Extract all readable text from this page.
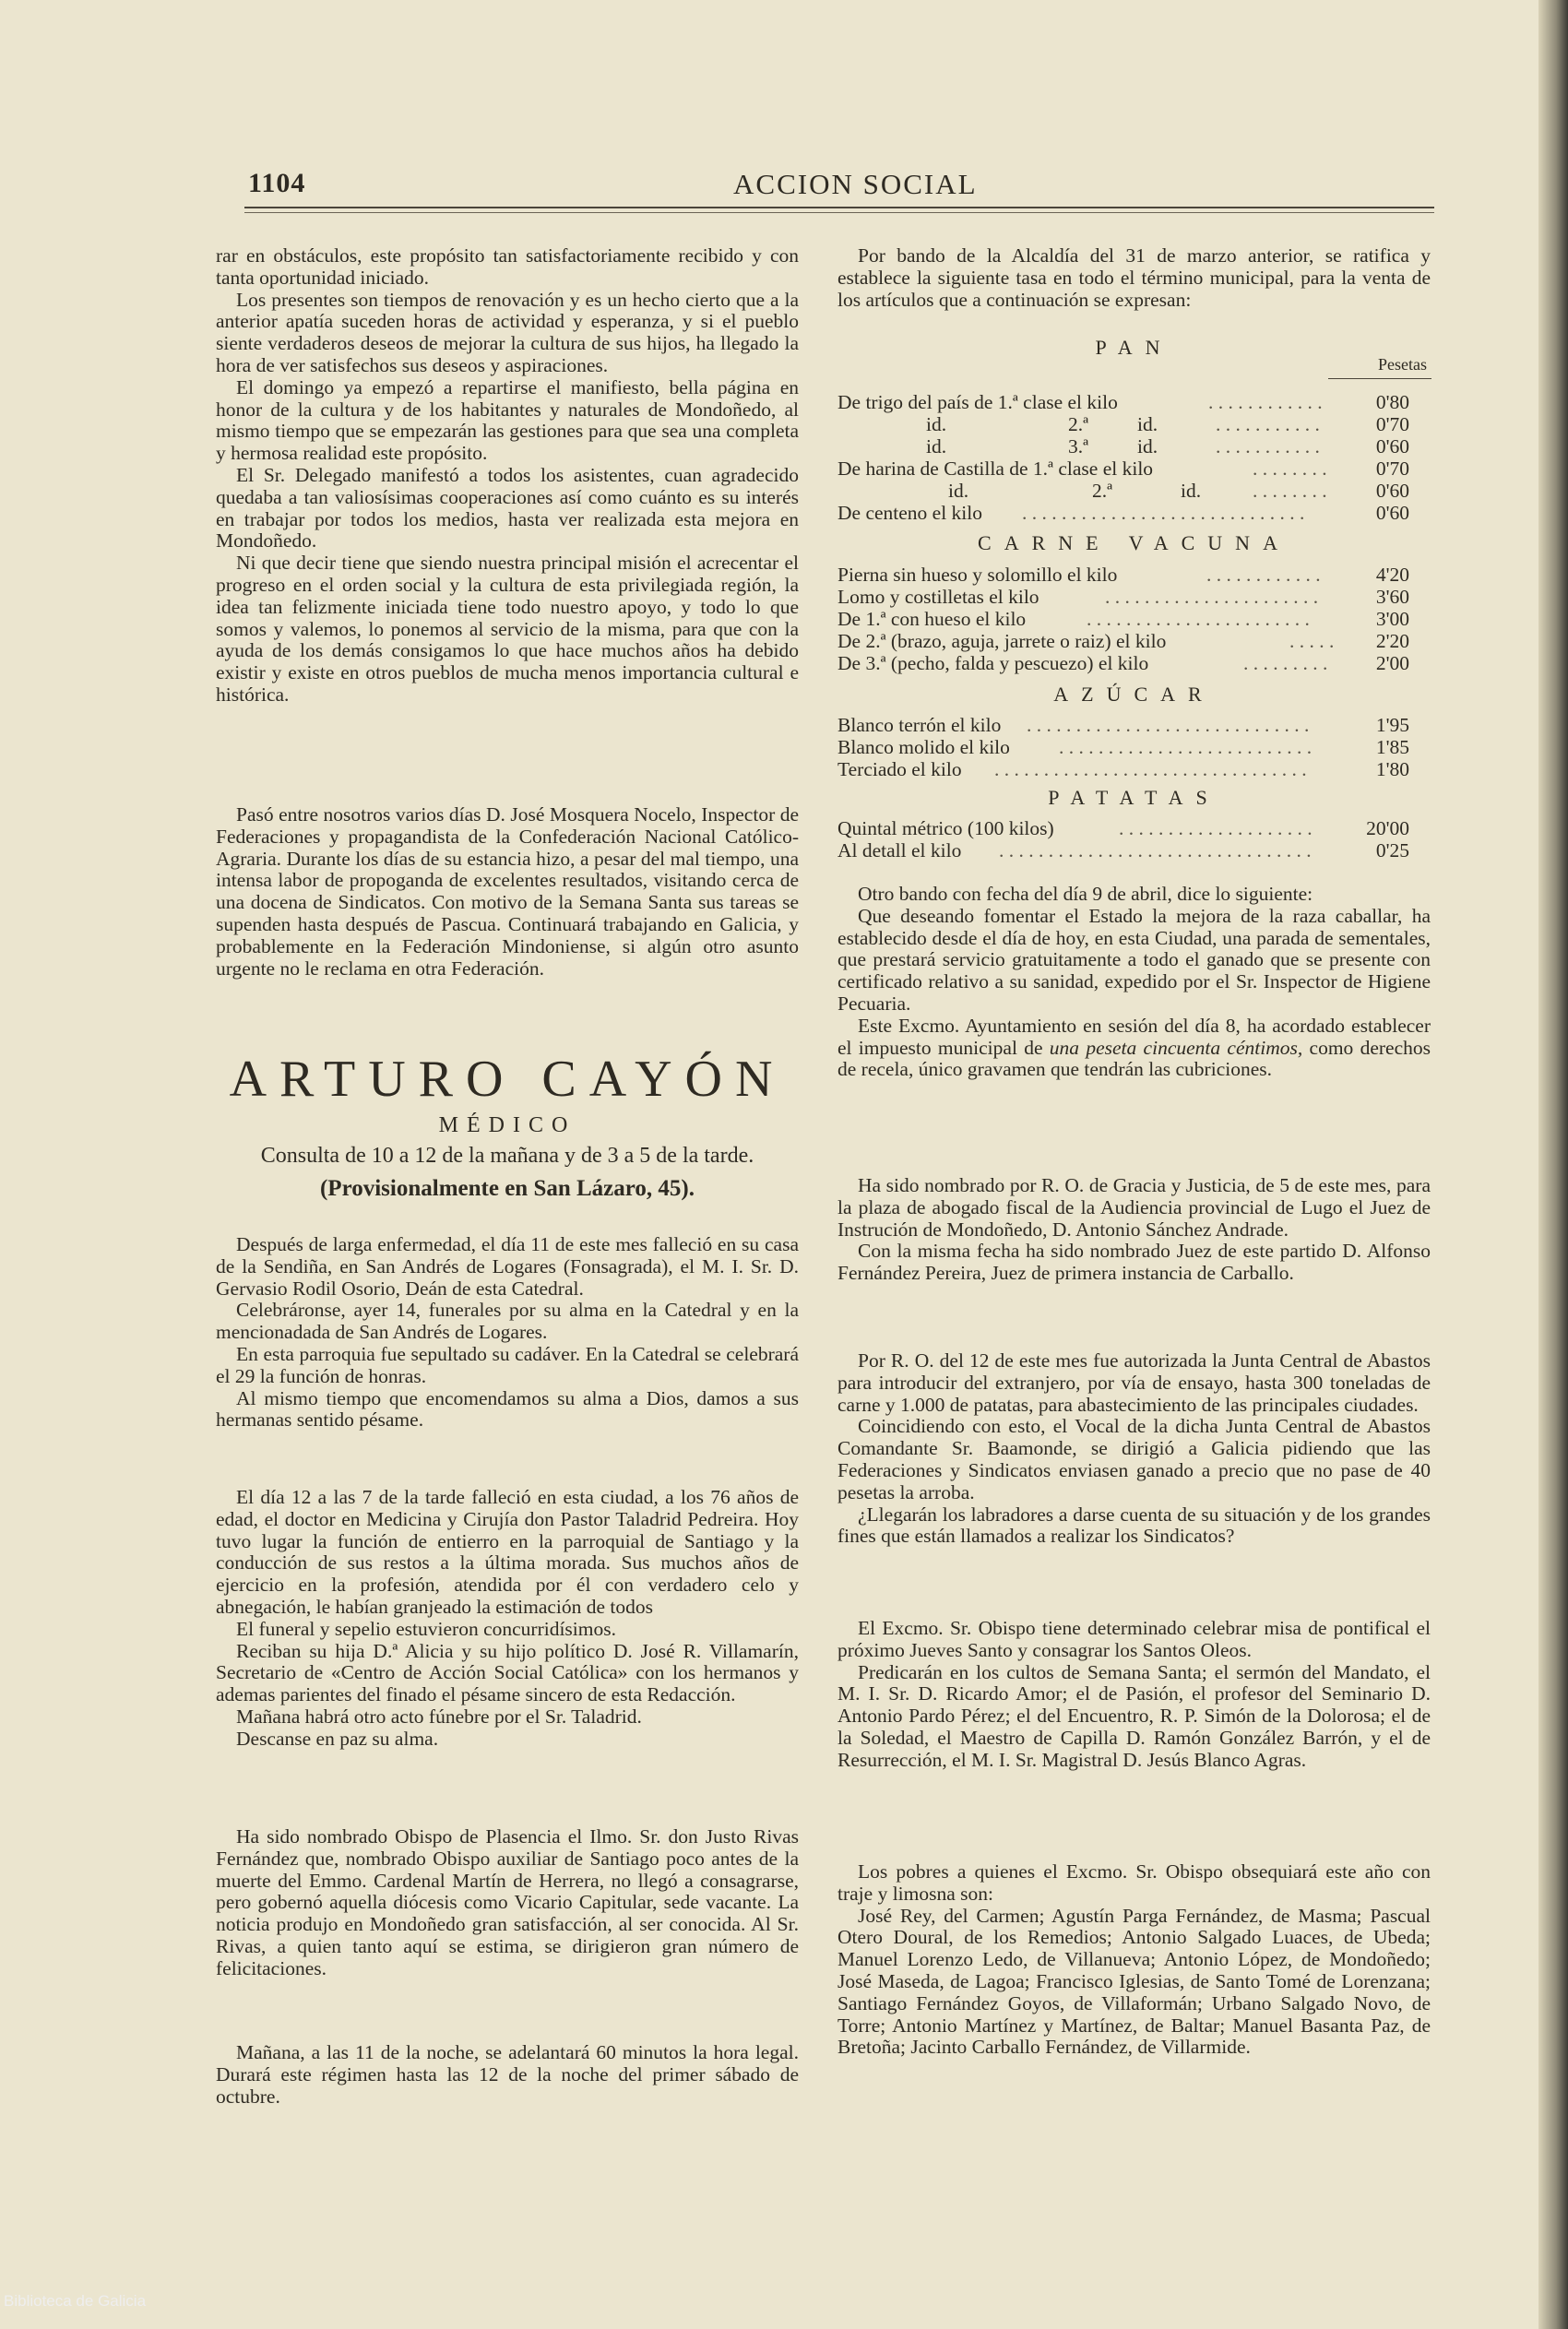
1104	ACCION SOCIAL

rar en obstáculos, este propósito tan satisfactoriamente recibido y con tanta oportunidad iniciado.

Los presentes son tiempos de renovación y es un hecho cierto que a la anterior apatía suceden horas de actividad y esperanza, y si el pueblo siente verdaderos deseos de mejorar la cultura de sus hijos, ha llegado la hora de ver satisfechos sus deseos y aspiraciones.

El domingo ya empezó a repartirse el manifiesto, bella página en honor de la cultura y de los habitantes y naturales de Mondoñedo, al mismo tiempo que se empezarán las gestiones para que sea una completa y hermosa realidad este propósito.

El Sr. Delegado manifestó a todos los asistentes, cuan agradecido quedaba a tan valiosísimas cooperaciones así como cuánto es su interés en trabajar por todos los medios, hasta ver realizada esta mejora en Mondoñedo.

Ni que decir tiene que siendo nuestra principal misión el acrecentar el progreso en el orden social y la cultura de esta privilegiada región, la idea tan felizmente iniciada tiene todo nuestro apoyo, y todo lo que somos y valemos, lo ponemos al servicio de la misma, para que con la ayuda de los demás consigamos lo que hace muchos años ha debido existir y existe en otros pueblos de mucha menos importancia cultural e histórica.

Pasó entre nosotros varios días D. José Mosquera Nocelo, Inspector de Federaciones y propagandista de la Confederación Nacional Católico-Agraria. Durante los días de su estancia hizo, a pesar del mal tiempo, una intensa labor de propoganda de excelentes resultados, visitando cerca de una docena de Sindicatos. Con motivo de la Semana Santa sus tareas se supenden hasta después de Pascua. Continuará trabajando en Galicia, y probablemente en la Federación Mindoniense, si algún otro asunto urgente no le reclama en otra Federación.

ARTURO CAYÓN
MÉDICO
Consulta de 10 a 12 de la mañana y de 3 a 5 de la tarde.
(Provisionalmente en San Lázaro, 45).

Después de larga enfermedad, el día 11 de este mes falleció en su casa de la Sendiña, en San Andrés de Logares (Fonsagrada), el M. I. Sr. D. Gervasio Rodil Osorio, Deán de esta Catedral.

Celebráronse, ayer 14, funerales por su alma en la Catedral y en la mencionadada de San Andrés de Logares.

En esta parroquia fue sepultado su cadáver. En la Catedral se celebrará el 29 la función de honras.

Al mismo tiempo que encomendamos su alma a Dios, damos a sus hermanas sentido pésame.

El día 12 a las 7 de la tarde falleció en esta ciudad, a los 76 años de edad, el doctor en Medicina y Cirujía don Pastor Taladrid Pedreira. Hoy tuvo lugar la función de entierro en la parroquial de Santiago y la conducción de sus restos a la última morada. Sus muchos años de ejercicio en la profesión, atendida por él con verdadero celo y abnegación, le habían granjeado la estimación de todos

El funeral y sepelio estuvieron concurridísimos.

Reciban su hija D.ª Alicia y su hijo político D. José R. Villamarín, Secretario de «Centro de Acción Social Católica» con los hermanos y ademas parientes del finado el pésame sincero de esta Redacción.

Mañana habrá otro acto fúnebre por el Sr. Taladrid.

Descanse en paz su alma.

Ha sido nombrado Obispo de Plasencia el Ilmo. Sr. don Justo Rivas Fernández que, nombrado Obispo auxiliar de Santiago poco antes de la muerte del Emmo. Cardenal Martín de Herrera, no llegó a consagrarse, pero gobernó aquella diócesis como Vicario Capitular, sede vacante. La noticia produjo en Mondoñedo gran satisfacción, al ser conocida. Al Sr. Rivas, a quien tanto aquí se estima, se dirigieron gran número de felicitaciones.

Mañana, a las 11 de la noche, se adelantará 60 minutos la hora legal. Durará este régimen hasta las 12 de la noche del primer sábado de octubre.

Por bando de la Alcaldía del 31 de marzo anterior, se ratifica y establece la siguiente tasa en todo el término municipal, para la venta de los artículos que a continuación se expresan:

PAN
Pesetas
De trigo del país de 1.ª clase el kilo	. . . . . . . . . . . .	0'80
id.	2.ª id.	. . . . . . . . . . .	0'70
id.	3.ª id.	. . . . . . . . . . .	0'60
De harina de Castilla de 1.ª clase el kilo	. . . . . . . .	0'70
id.	2.ª	id.	. . . . . . . .	0'60
De centeno el kilo . . . . . . . . . . . . . . . . . . . . . . . . . . . . .	0'60
CARNE VACUNA
Pierna sin hueso y solomillo el kilo	. . . . . . . . . . . .	4'20
Lomo y costilletas el kilo	. . . . . . . . . . . . . . . . . . . . . .	3'60
De 1.ª con hueso el kilo	. . . . . . . . . . . . . . . . . . . . . . .	3'00
De 2.ª (brazo, aguja, jarrete o raiz) el kilo	. . . . .	2'20
De 3.ª (pecho, falda y pescuezo) el kilo	. . . . . . . . .	2'00
AZÚCAR
Blanco terrón el kilo . . . . . . . . . . . . . . . . . . . . . . . . . . . . .	1'95
Blanco molido el kilo . . . . . . . . . . . . . . . . . . . . . . . . . .	1'85
Terciado el kilo . . . . . . . . . . . . . . . . . . . . . . . . . . . . . . . .	1'80
PATATAS
Quintal métrico (100 kilos)	. . . . . . . . . . . . . . . . . . . .	20'00
Al detall el kilo . . . . . . . . . . . . . . . . . . . . . . . . . . . . . . . .	0'25

Otro bando con fecha del día 9 de abril, dice lo siguiente:

Que deseando fomentar el Estado la mejora de la raza caballar, ha establecido desde el día de hoy, en esta Ciudad, una parada de sementales, que prestará servicio gratuitamente a todo el ganado que se presente con certificado relativo a su sanidad, expedido por el Sr. Inspector de Higiene Pecuaria.

Este Excmo. Ayuntamiento en sesión del día 8, ha acordado establecer el impuesto municipal de una peseta cincuenta céntimos, como derechos de recela, único gravamen que tendrán las cubriciones.

Ha sido nombrado por R. O. de Gracia y Justicia, de 5 de este mes, para la plaza de abogado fiscal de la Audiencia provincial de Lugo el Juez de Instrución de Mondoñedo, D. Antonio Sánchez Andrade.

Con la misma fecha ha sido nombrado Juez de este partido D. Alfonso Fernández Pereira, Juez de primera instancia de Carballo.

Por R. O. del 12 de este mes fue autorizada la Junta Central de Abastos para introducir del extranjero, por vía de ensayo, hasta 300 toneladas de carne y 1.000 de patatas, para abastecimiento de las principales ciudades.

Coincidiendo con esto, el Vocal de la dicha Junta Central de Abastos Comandante Sr. Baamonde, se dirigió a Galicia pidiendo que las Federaciones y Sindicatos enviasen ganado a precio que no pase de 40 pesetas la arroba.

¿Llegarán los labradores a darse cuenta de su situación y de los grandes fines que están llamados a realizar los Sindicatos?

El Excmo. Sr. Obispo tiene determinado celebrar misa de pontifical el próximo Jueves Santo y consagrar los Santos Oleos.

Predicarán en los cultos de Semana Santa; el sermón del Mandato, el M. I. Sr. D. Ricardo Amor; el de Pasión, el profesor del Seminario D. Antonio Pardo Pérez; el del Encuentro, R. P. Simón de la Dolorosa; el de la Soledad, el Maestro de Capilla D. Ramón González Barrón, y el de Resurrección, el M. I. Sr. Magistral D. Jesús Blanco Agras.

Los pobres a quienes el Excmo. Sr. Obispo obsequiará este año con traje y limosna son:

José Rey, del Carmen; Agustín Parga Fernández, de Masma; Pascual Otero Doural, de los Remedios; Antonio Salgado Luaces, de Ubeda; Manuel Lorenzo Ledo, de Villanueva; Antonio López, de Mondoñedo; José Maseda, de Lagoa; Francisco Iglesias, de Santo Tomé de Lorenzana; Santiago Fernández Goyos, de Villaformán; Urbano Salgado Novo, de Torre; Antonio Martínez y Martínez, de Baltar; Manuel Basanta Paz, de Bretoña; Jacinto Carballo Fernández, de Villarmide.

Biblioteca de Galicia
